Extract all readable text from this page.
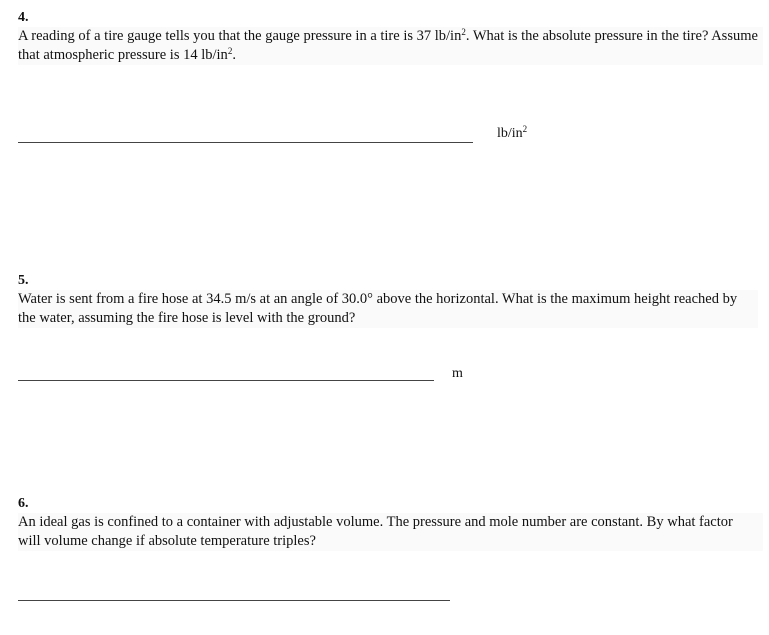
4.

A reading of a tire gauge tells you that the gauge pressure in a tire is 37 $lb/in^2$. What is the absolute pressure in the tire? Assume that atmospheric pressure is 14 $lb/in^2$.

$lb/in^2$

5.

Water is sent from a fire hose at 34.5 m/s at an angle of 30.0° above the horizontal. What is the maximum height reached by the water, assuming the fire hose is level with the ground?

m

6.

An ideal gas is confined to a container with adjustable volume. The pressure and mole number are constant. By what factor will volume change if absolute temperature triples?
